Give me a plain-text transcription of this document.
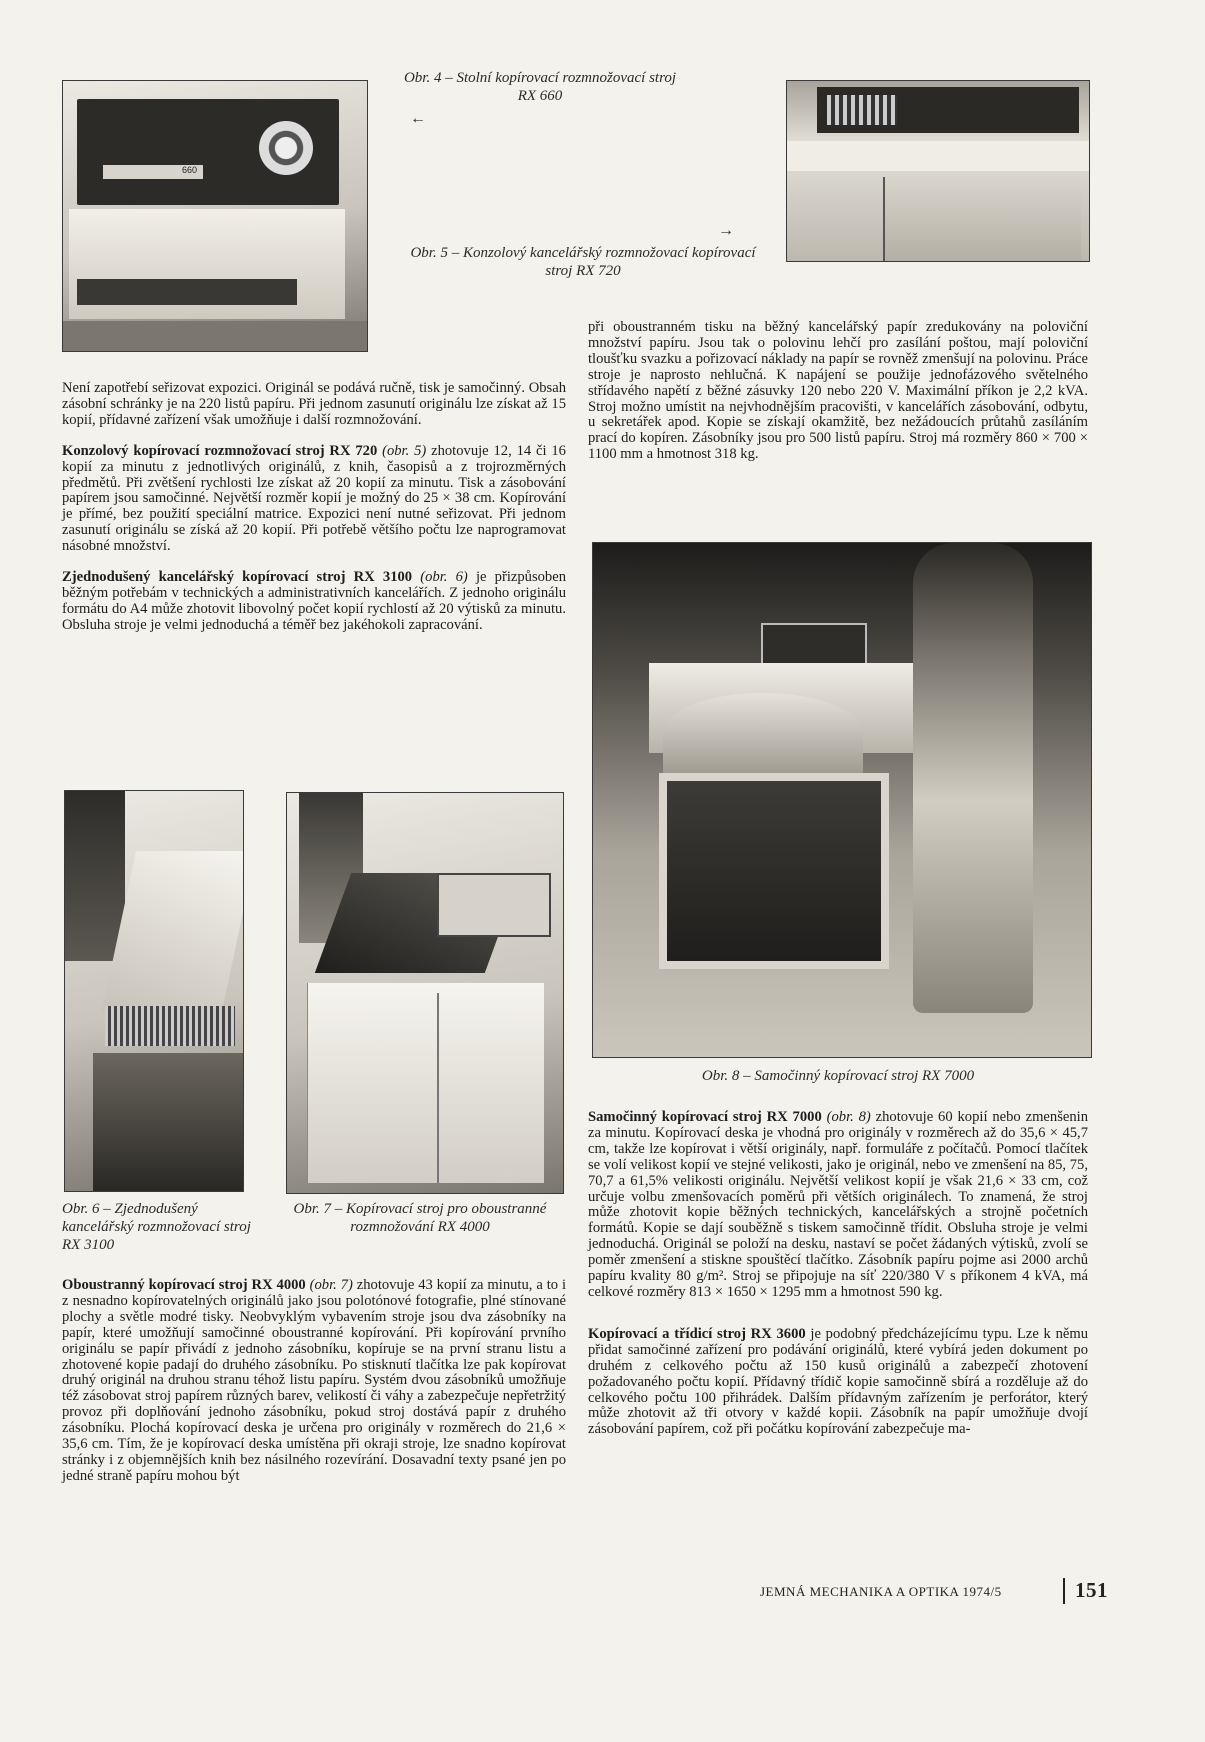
660
Obr. 4 – Stolní kopírovací rozmnožovací stroj RX 660
←
→
Obr. 5 – Konzolový kancelářský rozmnožovací kopírovací stroj RX 720

Není zapotřebí seřizovat expozici. Originál se podává ručně, tisk je samočinný. Obsah zásobní schránky je na 220 listů papíru. Při jednom zasunutí originálu lze získat až 15 kopií, přídavné zařízení však umožňuje i další rozmnožování.

Konzolový kopírovací rozmnožovací stroj RX 720 (obr. 5) zhotovuje 12, 14 či 16 kopií za minutu z jednotlivých originálů, z knih, časopisů a z trojrozměrných předmětů. Při zvětšení rychlosti lze získat až 20 kopií za minutu. Tisk a zásobování papírem jsou samočinné. Největší rozměr kopií je možný do 25 × 38 cm. Kopírování je přímé, bez použití speciální matrice. Expozici není nutné seřizovat. Při jednom zasunutí originálu se získá až 20 kopií. Při potřebě většího počtu lze naprogramovat násobné množství.

Zjednodušený kancelářský kopírovací stroj RX 3100 (obr. 6) je přizpůsoben běžným potřebám v technických a administrativních kancelářích. Z jednoho originálu formátu do A4 může zhotovit libovolný počet kopií rychlostí až 20 výtisků za minutu. Obsluha stroje je velmi jednoduchá a téměř bez jakéhokoli zapracování.

Obr. 6 – Zjednodušený kancelářský rozmnožovací stroj RX 3100
Obr. 7 – Kopírovací stroj pro oboustranné rozmnožování RX 4000

Oboustranný kopírovací stroj RX 4000 (obr. 7) zhotovuje 43 kopií za minutu, a to i z nesnadno kopírovatelných originálů jako jsou polotónové fotografie, plné stínované plochy a světle modré tisky. Neobvyklým vybavením stroje jsou dva zásobníky na papír, které umožňují samočinné oboustranné kopírování. Při kopírování prvního originálu se papír přivádí z jednoho zásobníku, kopíruje se na první stranu listu a zhotovené kopie padají do druhého zásobníku. Po stisknutí tlačítka lze pak kopírovat druhý originál na druhou stranu téhož listu papíru. Systém dvou zásobníků umožňuje též zásobovat stroj papírem různých barev, velikostí či váhy a zabezpečuje nepřetržitý provoz při doplňování jednoho zásobníku, pokud stroj dostává papír z druhého zásobníku. Plochá kopírovací deska je určena pro originály v rozměrech do 21,6 × 35,6 cm. Tím, že je kopírovací deska umístěna při okraji stroje, lze snadno kopírovat stránky i z objemnějších knih bez násilného rozevírání. Dosavadní texty psané jen po jedné straně papíru mohou být

při oboustranném tisku na běžný kancelářský papír zredukovány na poloviční množství papíru. Jsou tak o polovinu lehčí pro zasílání poštou, mají poloviční tloušťku svazku a pořizovací náklady na papír se rovněž zmenšují na polovinu. Práce stroje je naprosto nehlučná. K napájení se použije jednofázového světelného střídavého napětí z běžné zásuvky 120 nebo 220 V. Maximální příkon je 2,2 kVA. Stroj možno umístit na nejvhodnějším pracovišti, v kancelářích zásobování, odbytu, u sekretářek apod. Kopie se získají okamžitě, bez nežádoucích průtahů zasíláním prací do kopíren. Zásobníky jsou pro 500 listů papíru. Stroj má rozměry 860 × 700 × 1100 mm a hmotnost 318 kg.

Obr. 8 – Samočinný kopírovací stroj RX 7000

Samočinný kopírovací stroj RX 7000 (obr. 8) zhotovuje 60 kopií nebo zmenšenin za minutu. Kopírovací deska je vhodná pro originály v rozměrech až do 35,6 × 45,7 cm, takže lze kopírovat i větší originály, např. formuláře z počítačů. Pomocí tlačítek se volí velikost kopií ve stejné velikosti, jako je originál, nebo ve zmenšení na 85, 75, 70,7 a 61,5% velikosti originálu. Největší velikost kopií je však 21,6 × 33 cm, což určuje volbu zmenšovacích poměrů při větších originálech. To znamená, že stroj může zhotovit kopie běžných technických, kancelářských a strojně početních formátů. Kopie se dají souběžně s tiskem samočinně třídit. Obsluha stroje je velmi jednoduchá. Originál se položí na desku, nastaví se počet žádaných výtisků, zvolí se poměr zmenšení a stiskne spouštěcí tlačítko. Zásobník papíru pojme asi 2000 archů papíru kvality 80 g/m². Stroj se připojuje na síť 220/380 V s příkonem 4 kVA, má celkové rozměry 813 × 1650 × 1295 mm a hmotnost 590 kg.

Kopírovací a třídicí stroj RX 3600 je podobný předcházejícímu typu. Lze k němu přidat samočinné zařízení pro podávání originálů, které vybírá jeden dokument po druhém z celkového počtu až 150 kusů originálů a zabezpečí zhotovení požadovaného počtu kopií. Přídavný třídič kopie samočinně sbírá a rozděluje až do celkového počtu 100 přihrádek. Dalším přídavným zařízením je perforátor, který může zhotovit až tři otvory v každé kopii. Zásobník na papír umožňuje dvojí zásobování papírem, což při počátku kopírování zabezpečuje ma-

JEMNÁ MECHANIKA A OPTIKA 1974/5	151
